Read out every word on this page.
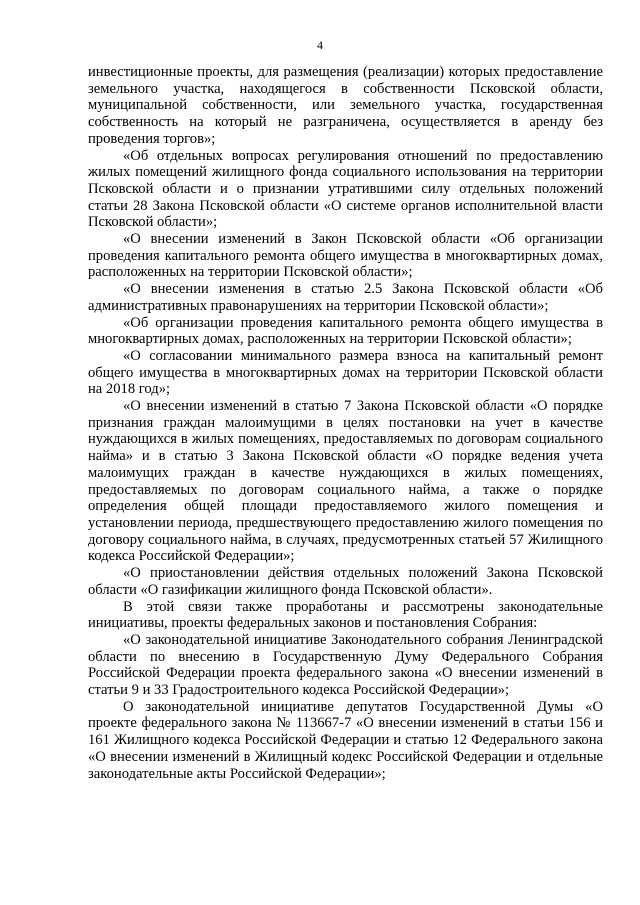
4

инвестиционные проекты, для размещения (реализации) которых предоставление земельного участка, находящегося в собственности Псковской области, муниципальной собственности, или земельного участка, государственная собственность на который не разграничена, осуществляется в аренду без проведения торгов»;

«Об отдельных вопросах регулирования отношений по предоставлению жилых помещений жилищного фонда социального использования на территории Псковской области и о признании утратившими силу отдельных положений статьи 28 Закона Псковской области «О системе органов исполнительной власти Псковской области»;

«О внесении изменений в Закон Псковской области «Об организации проведения капитального ремонта общего имущества в многоквартирных домах, расположенных на территории Псковской области»;

«О внесении изменения в статью 2.5 Закона Псковской области «Об административных правонарушениях на территории Псковской области»;

«Об организации проведения капитального ремонта общего имущества в многоквартирных домах, расположенных на территории Псковской области»;

«О согласовании минимального размера взноса на капитальный ремонт общего имущества в многоквартирных домах на территории Псковской области на 2018 год»;

«О внесении изменений в статью 7 Закона Псковской области «О порядке признания граждан малоимущими в целях постановки на учет в качестве нуждающихся в жилых помещениях, предоставляемых по договорам социального найма» и в статью 3 Закона Псковской области «О порядке ведения учета малоимущих граждан в качестве нуждающихся в жилых помещениях, предоставляемых по договорам социального найма, а также о порядке определения общей площади предоставляемого жилого помещения и установлении периода, предшествующего предоставлению жилого помещения по договору социального найма, в случаях, предусмотренных статьей 57 Жилищного кодекса Российской Федерации»;

«О приостановлении действия отдельных положений Закона Псковской области «О газификации жилищного фонда Псковской области».

В этой связи также проработаны и рассмотрены законодательные инициативы, проекты федеральных законов и постановления Собрания:

«О законодательной инициативе Законодательного собрания Ленинградской области по внесению в Государственную Думу Федерального Собрания Российской Федерации проекта федерального закона «О внесении изменений в статьи 9 и 33 Градостроительного кодекса Российской Федерации»;

О законодательной инициативе депутатов Государственной Думы «О проекте федерального закона № 113667-7 «О внесении изменений в статьи 156 и 161 Жилищного кодекса Российской Федерации и статью 12 Федерального закона «О внесении изменений в Жилищный кодекс Российской Федерации и отдельные законодательные акты Российской Федерации»;
